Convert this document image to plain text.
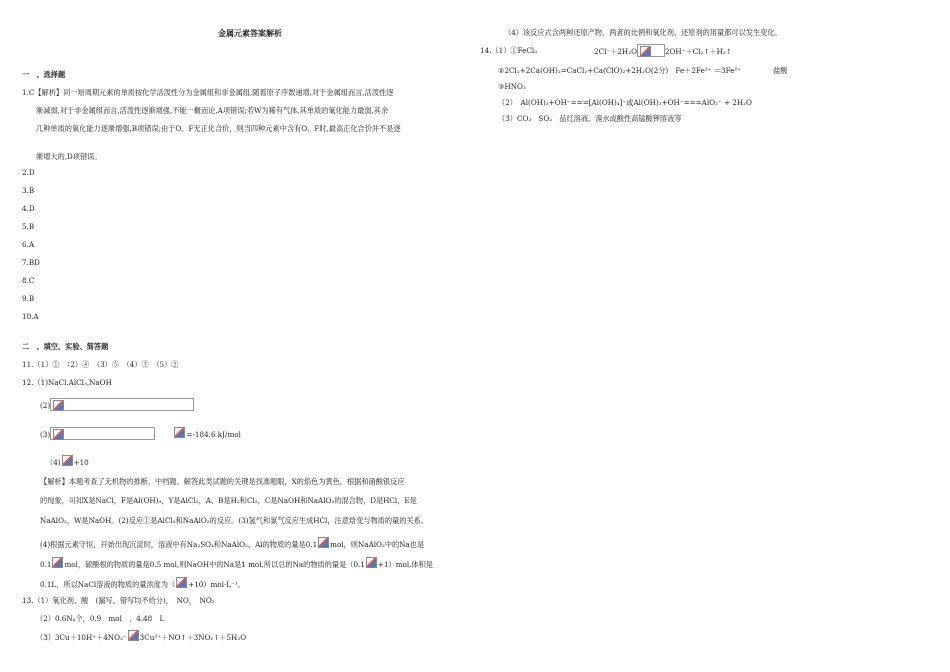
金属元素答案解析
一　、选择题
1.C【解析】同一短周期元素的单质按化学活泼性分为金属组和非金属组,随着原子序数递增,对于金属组而言,活泼性逐
渐减弱,对于非金属组而言,活泼性逐渐增强,不能一概而论,A项错误;若W为稀有气体,其单质的氧化能力最弱,其余
几种单质的氧化能力逐渐增强,B项错误;由于O、F无正化合价，则当四种元素中含有O、F时,最高正化合价并不是逐
渐增大的,D项错误。
2.D
3.B
4.D
5.B
6.A
7.BD
8.C
9.B
10.A
二　、填空、实验、简答题
11.（1）①　（2）④　（3）⑤　（4）③　（5）②
12.（1)NaCl.AlCl₃,NaOH
(2)
(3)	=-184.6 kJ/mol
（4) +10
【解析】本题考查了无机物的推断，中档题。解答此类试题的关键是找准题眼，X的焰色为黄色，根据和硝酸银反应
的现象，可知X是NaCl，F是Al(OH)₃，Y是AlCl₃，A、B是H₂和Cl₂，C是NaOH和NaAlO₂的混合物，D是HCl，E是
NaAlO₂，W是NaOH。(2)反应①是AlCl₃和NaAlO₂的反应。(3)氢气和氯气反应生成HCl，注意焓变与物质的量的关系。
(4)根据元素守恒，开始出现沉淀时，溶液中有Na₂SO₄和NaAlO₂，Al的物质的量是0.1 mol，则NaAlO₂中的Na也是
0.1 mol，硫酸根的物质的量是0.5 mol,则NaOH中的Na是1 mol,所以总的Na的物质的量是（0.1 +1）mol,体积是
0.1L，所以NaCl溶液的物质的量浓度为（ +10）mol·L⁻¹。
13.（1）氧化剂、酸　(漏写、错写均不给分)，　NO，　NO₂
（2）0.6Nₐ个，0.9　mol　，4.48　L
（3）3Cu＋10H⁺＋4NO₃⁻ 3Cu²⁺＋NO↑＋3NO₂↑＋5H₂O
（4）该反应式含两种还原产物，两者的比例和氧化剂、还原剂的用量都可以发生变化。
14.（1）①FeCl₃	2Cl⁻＋2H₂O	2OH⁻＋Cl₂↑＋H₂↑
②2Cl₂+2Ca(OH)₂=CaCl₂+Ca(ClO)₂+2H₂O(2分)　Fe＋2Fe³⁺ ＝3Fe²⁺	盐酸
③HNO₃
（2）　Al(OH)₃+OH⁻===[Al(OH)₄]⁻或Al(OH)₃+OH⁻===AlO₂⁻ + 2H₂O
（3）CO₂　SO₂　品红溶液、溴水或酸性高锰酸钾溶液等
